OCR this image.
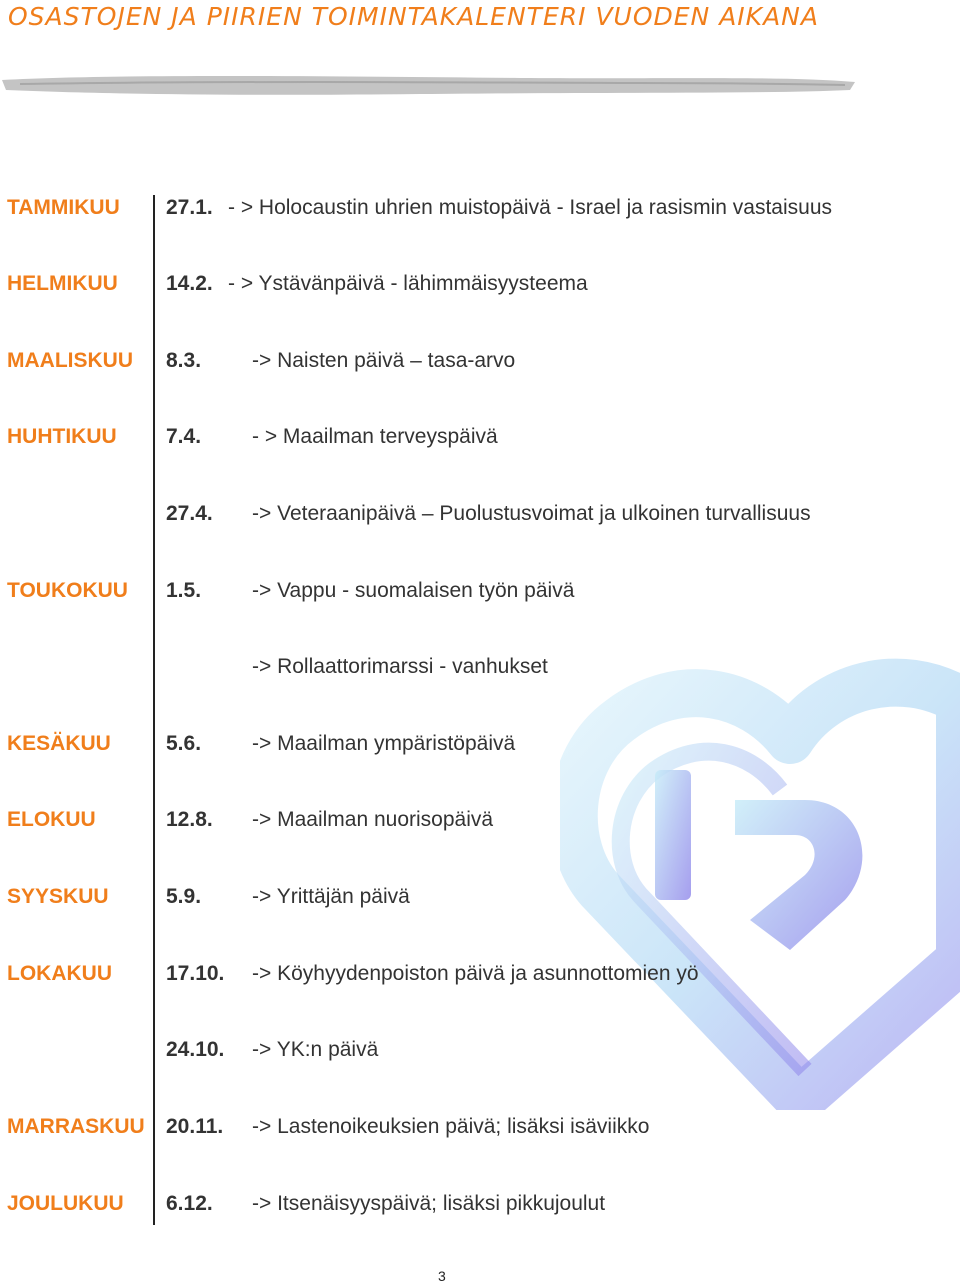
OSASTOJEN JA PIIRIEN TOIMINTAKALENTERI VUODEN AIKANA
TAMMIKUU 27.1. - > Holocaustin uhrien muistopäivä - Israel ja rasismin vastaisuus
HELMIKUU 14.2. - > Ystävänpäivä - lähimmäisyysteema
MAALISKUU 8.3. -> Naisten päivä – tasa-arvo
HUHTIKUU 7.4. - > Maailman terveyspäivä
27.4. -> Veteraanipäivä – Puolustusvoimat ja ulkoinen turvallisuus
TOUKOKUU 1.5. -> Vappu - suomalaisen työn päivä
-> Rollaattorimarssi - vanhukset
KESÄKUU	5.6. -> Maailman ympäristöpäivä
ELOKUU	12.8. -> Maailman nuorisopäivä
SYYSKUU	5.9. -> Yrittäjän päivä
LOKAKUU	17.10. -> Köyhyydenpoiston päivä ja asunnottomien yö
24.10. -> YK:n päivä
MARRASKUU 20.11. -> Lastenoikeuksien päivä; lisäksi isäviikko
JOULUKUU 6.12. -> Itsenäisyyspäivä; lisäksi pikkujoulut
3
